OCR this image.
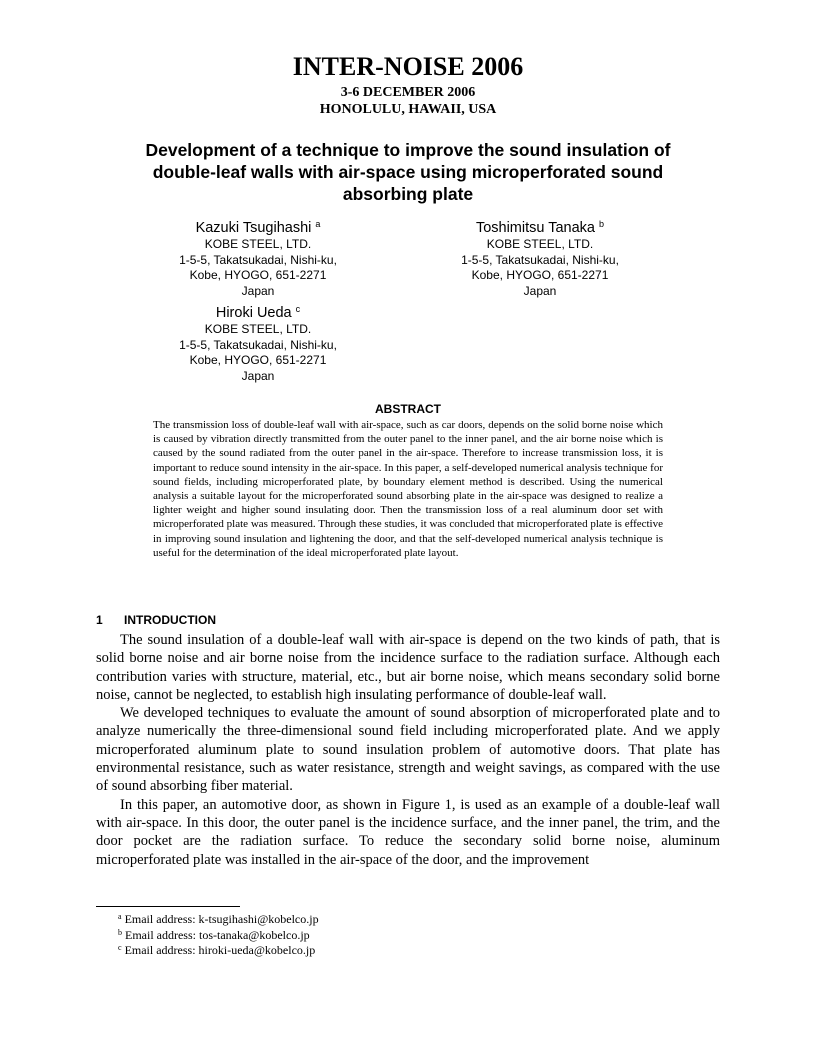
INTER-NOISE 2006
3-6 DECEMBER 2006
HONOLULU, HAWAII, USA
Development of a technique to improve the sound insulation of double-leaf walls with air-space using microperforated sound absorbing plate
Kazuki Tsugihashi $^a$
KOBE STEEL, LTD.
1-5-5, Takatsukadai, Nishi-ku,
Kobe, HYOGO, 651-2271
Japan
Toshimitsu Tanaka $^b$
KOBE STEEL, LTD.
1-5-5, Takatsukadai, Nishi-ku,
Kobe, HYOGO, 651-2271
Japan
Hiroki Ueda $^c$
KOBE STEEL, LTD.
1-5-5, Takatsukadai, Nishi-ku,
Kobe, HYOGO, 651-2271
Japan
ABSTRACT

The transmission loss of double-leaf wall with air-space, such as car doors, depends on the solid borne noise which is caused by vibration directly transmitted from the outer panel to the inner panel, and the air borne noise which is caused by the sound radiated from the outer panel in the air-space. Therefore to increase transmission loss, it is important to reduce sound intensity in the air-space. In this paper, a self-developed numerical analysis technique for sound fields, including microperforated plate, by boundary element method is described. Using the numerical analysis a suitable layout for the microperforated sound absorbing plate in the air-space was designed to realize a lighter weight and higher sound insulating door. Then the transmission loss of a real aluminum door set with microperforated plate was measured. Through these studies, it was concluded that microperforated plate is effective in improving sound insulation and lightening the door, and that the self-developed numerical analysis technique is useful for the determination of the ideal microperforated plate layout.

1 INTRODUCTION

The sound insulation of a double-leaf wall with air-space is depend on the two kinds of path, that is solid borne noise and air borne noise from the incidence surface to the radiation surface. Although each contribution varies with structure, material, etc., but air borne noise, which means secondary solid borne noise, cannot be neglected, to establish high insulating performance of double-leaf wall.

We developed techniques to evaluate the amount of sound absorption of microperforated plate and to analyze numerically the three-dimensional sound field including microperforated plate. And we apply microperforated aluminum plate to sound insulation problem of automotive doors. That plate has environmental resistance, such as water resistance, strength and weight savings, as compared with the use of sound absorbing fiber material.

In this paper, an automotive door, as shown in Figure 1, is used as an example of a double-leaf wall with air-space. In this door, the outer panel is the incidence surface, and the inner panel, the trim, and the door pocket are the radiation surface. To reduce the secondary solid borne noise, aluminum microperforated plate was installed in the air-space of the door, and the improvement

$^a$ Email address: k-tsugihashi@kobelco.jp
$^b$ Email address: tos-tanaka@kobelco.jp
$^c$ Email address: hiroki-ueda@kobelco.jp
